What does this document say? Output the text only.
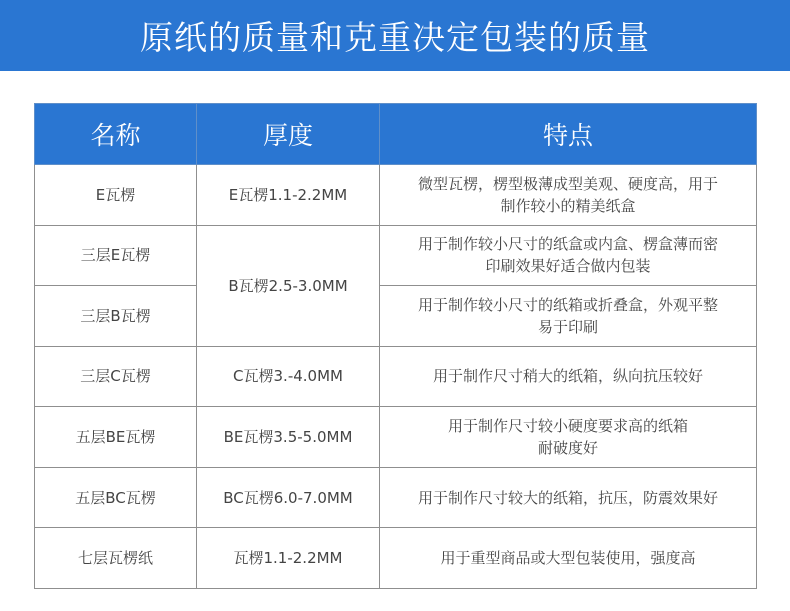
原纸的质量和克重决定包装的质量
名称	厚度	特点
E瓦楞	E瓦楞1.1-2.2MM	微型瓦楞，楞型极薄成型美观、硬度高，用于
制作较小的精美纸盒

三层E瓦楞	B瓦楞2.5-3.0MM	用于制作较小尺寸的纸盒或内盒、楞盒薄而密
印刷效果好适合做内包装

三层B瓦楞		用于制作较小尺寸的纸箱或折叠盒，外观平整
易于印刷

三层C瓦楞	C瓦楞3.-4.0MM	用于制作尺寸稍大的纸箱，纵向抗压较好

五层BE瓦楞	BE瓦楞3.5-5.0MM	用于制作尺寸较小硬度要求高的纸箱
耐破度好

五层BC瓦楞	BC瓦楞6.0-7.0MM	用于制作尺寸较大的纸箱，抗压，防震效果好

七层瓦楞纸	瓦楞1.1-2.2MM	用于重型商品或大型包装使用，强度高
